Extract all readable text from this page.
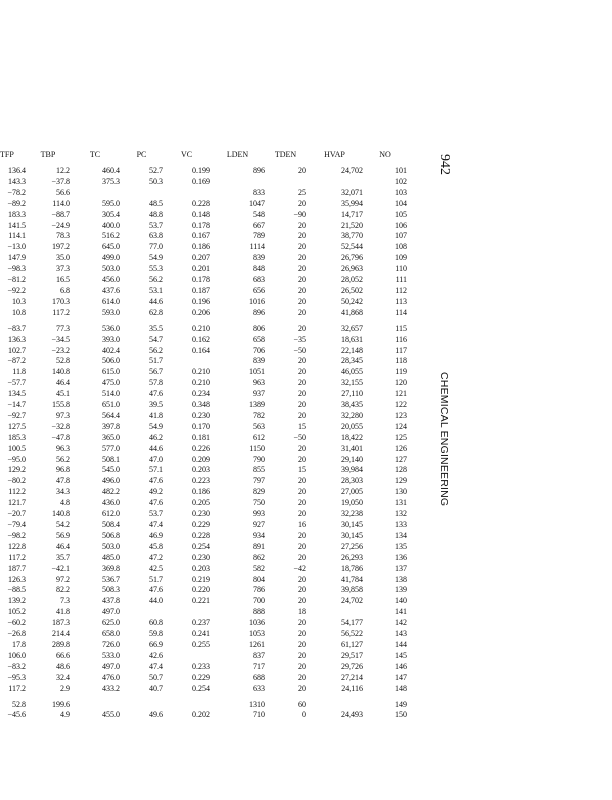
942
CHEMICAL ENGINEERING
TFP	TBP	TC	PC	VC	LDEN	TDEN	HVAP	NO
136.4	12.2	460.4	52.7	0.199	896	20	24,702	101
143.3	−37.8	375.3	50.3	0.169				102
−78.2	56.6				833	25	32,071	103
−89.2	114.0	595.0	48.5	0.228	1047	20	35,994	104
183.3	−88.7	305.4	48.8	0.148	548	−90	14,717	105
141.5	−24.9	400.0	53.7	0.178	667	20	21,520	106
114.1	78.3	516.2	63.8	0.167	789	20	38,770	107
−13.0	197.2	645.0	77.0	0.186	1114	20	52,544	108
147.9	35.0	499.0	54.9	0.207	839	20	26,796	109
−98.3	37.3	503.0	55.3	0.201	848	20	26,963	110
−81.2	16.5	456.0	56.2	0.178	683	20	28,052	111
−92.2	6.8	437.6	53.1	0.187	656	20	26,502	112
10.3	170.3	614.0	44.6	0.196	1016	20	50,242	113
10.8	117.2	593.0	62.8	0.206	896	20	41,868	114

−83.7	77.3	536.0	35.5	0.210	806	20	32,657	115
136.3	−34.5	393.0	54.7	0.162	658	−35	18,631	116
102.7	−23.2	402.4	56.2	0.164	706	−50	22,148	117
−87.2	52.8	506.0	51.7		839	20	28,345	118
11.8	140.8	615.0	56.7	0.210	1051	20	46,055	119
−57.7	46.4	475.0	57.8	0.210	963	20	32,155	120
134.5	45.1	514.0	47.6	0.234	937	20	27,110	121
−14.7	155.8	651.0	39.5	0.348	1389	20	38,435	122
−92.7	97.3	564.4	41.8	0.230	782	20	32,280	123
127.5	−32.8	397.8	54.9	0.170	563	15	20,055	124
185.3	−47.8	365.0	46.2	0.181	612	−50	18,422	125
100.5	96.3	577.0	44.6	0.226	1150	20	31,401	126
−95.0	56.2	508.1	47.0	0.209	790	20	29,140	127
129.2	96.8	545.0	57.1	0.203	855	15	39,984	128
−80.2	47.8	496.0	47.6	0.223	797	20	28,303	129
112.2	34.3	482.2	49.2	0.186	829	20	27,005	130
121.7	4.8	436.0	47.6	0.205	750	20	19,050	131
−20.7	140.8	612.0	53.7	0.230	993	20	32,238	132
−79.4	54.2	508.4	47.4	0.229	927	16	30,145	133
−98.2	56.9	506.8	46.9	0.228	934	20	30,145	134
122.8	46.4	503.0	45.8	0.254	891	20	27,256	135
117.2	35.7	485.0	47.2	0.230	862	20	26,293	136
187.7	−42.1	369.8	42.5	0.203	582	−42	18,786	137
126.3	97.2	536.7	51.7	0.219	804	20	41,784	138
−88.5	82.2	508.3	47.6	0.220	786	20	39,858	139
139.2	7.3	437.8	44.0	0.221	700	20	24,702	140
105.2	41.8	497.0			888	18		141
−60.2	187.3	625.0	60.8	0.237	1036	20	54,177	142
−26.8	214.4	658.0	59.8	0.241	1053	20	56,522	143
17.8	289.8	726.0	66.9	0.255	1261	20	61,127	144
106.0	66.6	533.0	42.6		837	20	29,517	145
−83.2	48.6	497.0	47.4	0.233	717	20	29,726	146
−95.3	32.4	476.0	50.7	0.229	688	20	27,214	147
117.2	2.9	433.2	40.7	0.254	633	20	24,116	148

52.8	199.6				1310	60		149
−45.6	4.9	455.0	49.6	0.202	710	0	24,493	150
